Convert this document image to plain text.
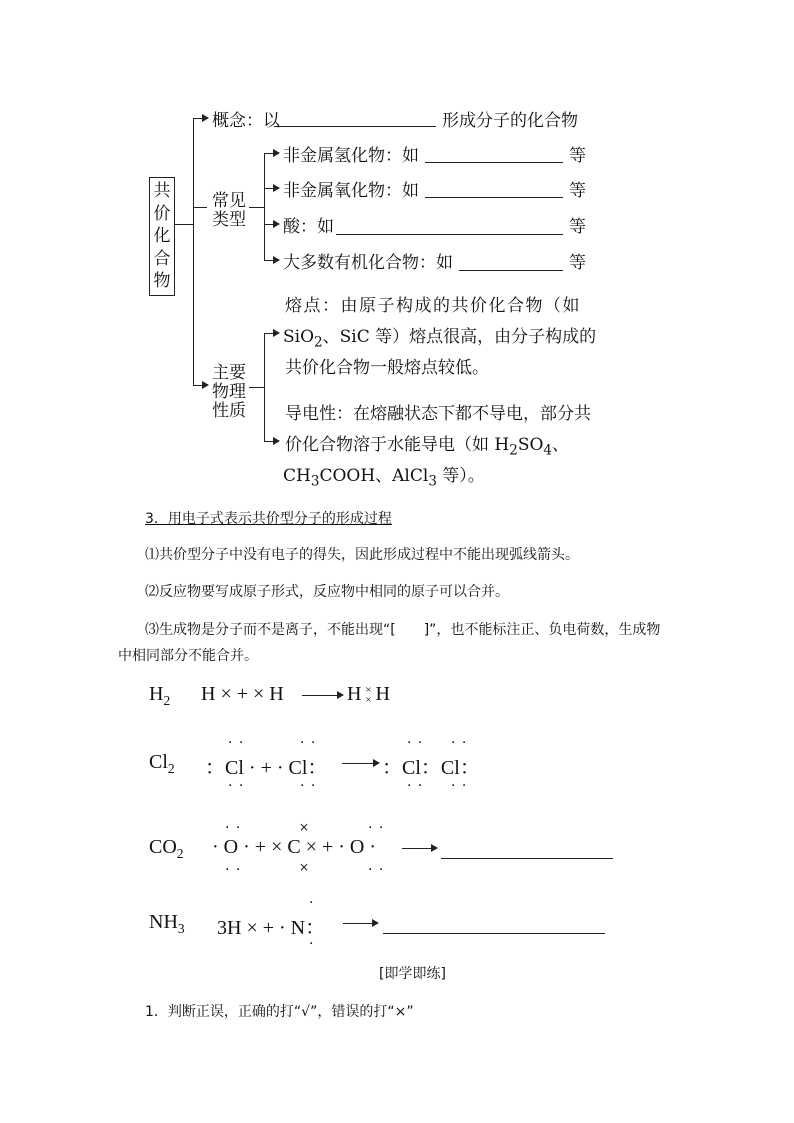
共价化合物
概念：以	形成分子的化合物
常见
类型
非金属氢化物：如	等
非金属氧化物：如	等
酸：如	等
大多数有机化合物：如	等
主要
物理
性质
熔点：由原子构成的共价化合物（如
SiO$_2$、SiC 等）熔点很高，由分子构成的
共价化合物一般熔点较低。
导电性：在熔融状态下都不导电，部分共
价化合物溶于水能导电（如 $H_2SO_4$、
$CH_3COOH$、AlCl$_3$ 等）。
3．用电子式表示共价型分子的形成过程
⑴共价型分子中没有电子的得失，因此形成过程中不能出现弧线箭头。
⑵反应物要写成原子形式，反应物中相同的原子可以合并。
⑶生成物是分子而不是离子，不能出现“[　　]”，也不能标注正、负电荷数，生成物
中相同部分不能合并。
$H_2$ H × + × H	H ×
× H
$Cl_2$ ：Cl · + · Cl：
· ·
· ·
· ·
· ·
：Cl：Cl：
· ·
· ·
· ·
· ·
$CO_2 \cdot O$ · + × C × + · O ·
· ·
· ·
×
×
· ·
· ·
$NH_3$ 3H × + · N：
·
·
[即学即练]
1．判断正误，正确的打“√”，错误的打“×”
